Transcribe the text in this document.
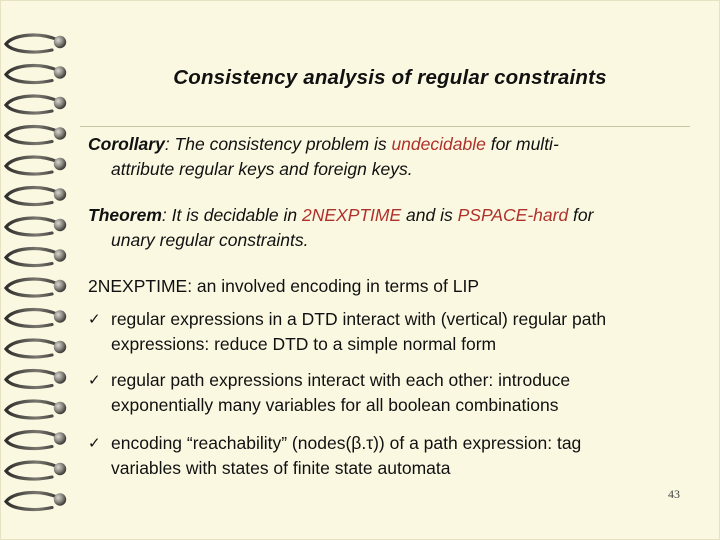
Consistency analysis of regular constraints
Corollary: The consistency problem is undecidable for multi-
attribute regular keys and foreign keys.
Theorem: It is decidable in 2NEXPTIME and is PSPACE-hard for
unary regular constraints.
2NEXPTIME: an involved encoding in terms of LIP
✓ regular expressions in a DTD interact with (vertical) regular path
expressions: reduce DTD to a simple normal form
✓ regular path expressions interact with each other: introduce
exponentially many variables for all boolean combinations
✓ encoding “reachability” (nodes(β.τ)) of a path expression: tag
variables with states of finite state automata
43
